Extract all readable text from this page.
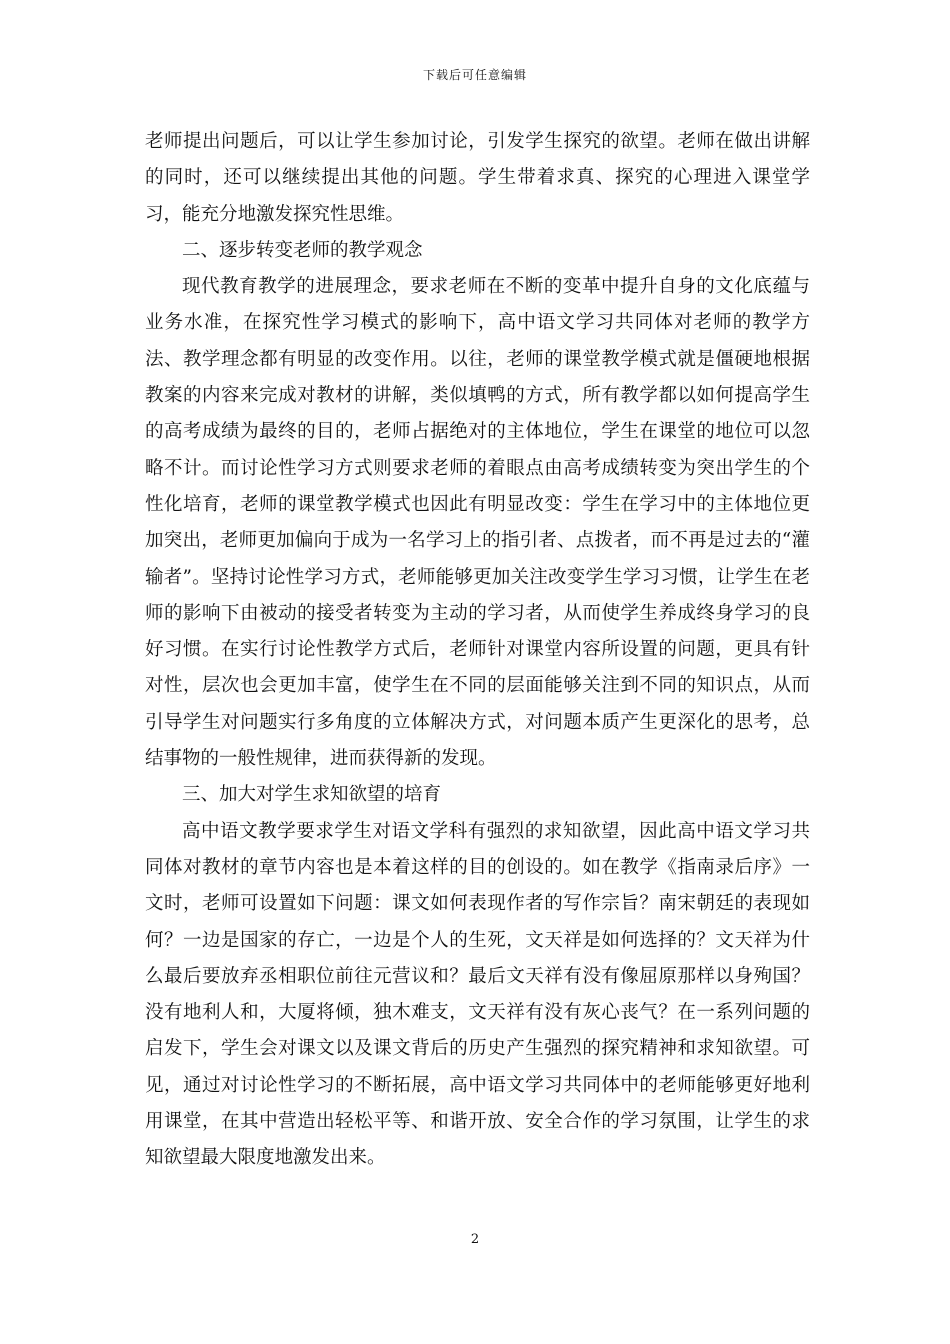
下载后可任意编辑

老师提出问题后，可以让学生参加讨论，引发学生探究的欲望。老师在做出讲解的同时，还可以继续提出其他的问题。学生带着求真、探究的心理进入课堂学习，能充分地激发探究性思维。

二、逐步转变老师的教学观念

现代教育教学的进展理念，要求老师在不断的变革中提升自身的文化底蕴与业务水准，在探究性学习模式的影响下，高中语文学习共同体对老师的教学方法、教学理念都有明显的改变作用。以往，老师的课堂教学模式就是僵硬地根据教案的内容来完成对教材的讲解，类似填鸭的方式，所有教学都以如何提高学生的高考成绩为最终的目的，老师占据绝对的主体地位，学生在课堂的地位可以忽略不计。而讨论性学习方式则要求老师的着眼点由高考成绩转变为突出学生的个性化培育，老师的课堂教学模式也因此有明显改变：学生在学习中的主体地位更加突出，老师更加偏向于成为一名学习上的指引者、点拨者，而不再是过去的“灌输者”。坚持讨论性学习方式，老师能够更加关注改变学生学习习惯，让学生在老师的影响下由被动的接受者转变为主动的学习者，从而使学生养成终身学习的良好习惯。在实行讨论性教学方式后，老师针对课堂内容所设置的问题，更具有针对性，层次也会更加丰富，使学生在不同的层面能够关注到不同的知识点，从而引导学生对问题实行多角度的立体解决方式，对问题本质产生更深化的思考，总结事物的一般性规律，进而获得新的发现。

三、加大对学生求知欲望的培育

高中语文教学要求学生对语文学科有强烈的求知欲望，因此高中语文学习共同体对教材的章节内容也是本着这样的目的创设的。如在教学《指南录后序》一文时，老师可设置如下问题：课文如何表现作者的写作宗旨？南宋朝廷的表现如何？一边是国家的存亡，一边是个人的生死，文天祥是如何选择的？文天祥为什么最后要放弃丞相职位前往元营议和？最后文天祥有没有像屈原那样以身殉国？没有地利人和，大厦将倾，独木难支，文天祥有没有灰心丧气？在一系列问题的启发下，学生会对课文以及课文背后的历史产生强烈的探究精神和求知欲望。可见，通过对讨论性学习的不断拓展，高中语文学习共同体中的老师能够更好地利用课堂，在其中营造出轻松平等、和谐开放、安全合作的学习氛围，让学生的求知欲望最大限度地激发出来。

2
